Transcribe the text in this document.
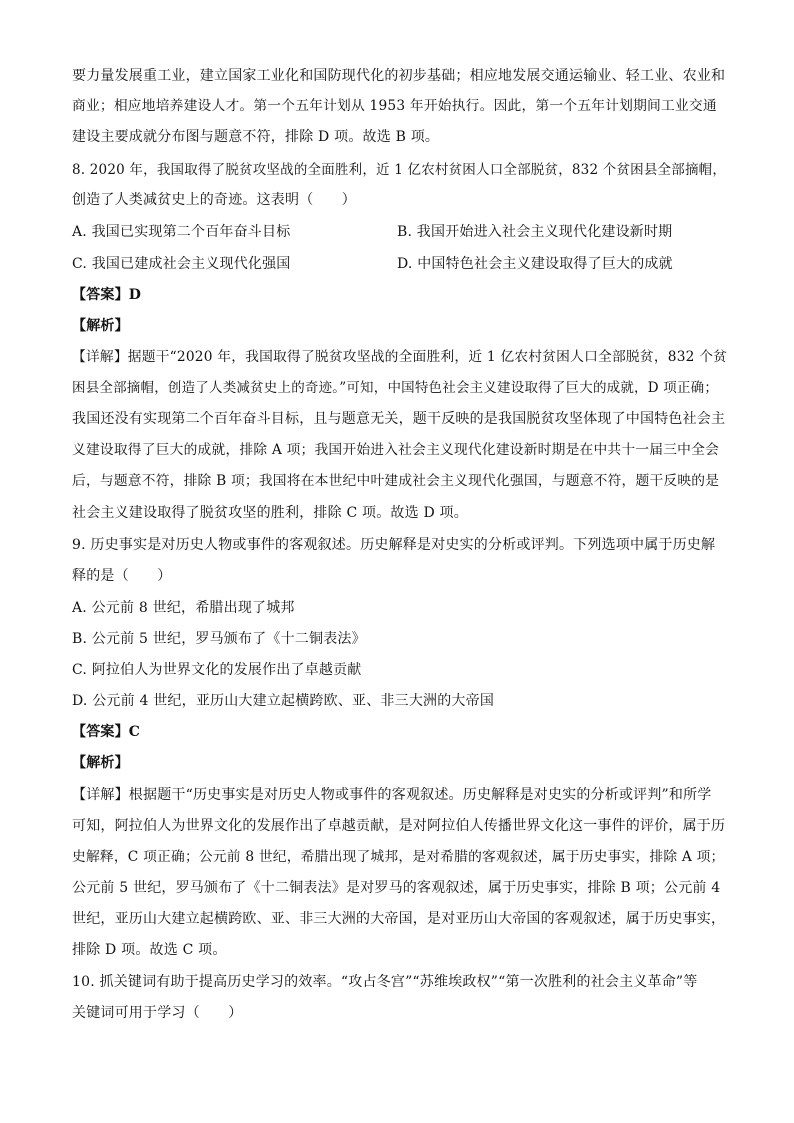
要力量发展重工业，建立国家工业化和国防现代化的初步基础；相应地发展交通运输业、轻工业、农业和
商业；相应地培养建设人才。第一个五年计划从 1953 年开始执行。因此，第一个五年计划期间工业交通
建设主要成就分布图与题意不符，排除 D 项。故选 B 项。
8. 2020 年，我国取得了脱贫攻坚战的全面胜利，近 1 亿农村贫困人口全部脱贫，832 个贫困县全部摘帽，
创造了人类减贫史上的奇迹。这表明（　　）
A. 我国已实现第二个百年奋斗目标	B. 我国开始进入社会主义现代化建设新时期
C. 我国已建成社会主义现代化强国	D. 中国特色社会主义建设取得了巨大的成就
【答案】D
【解析】
【详解】据题干“2020 年，我国取得了脱贫攻坚战的全面胜利，近 1 亿农村贫困人口全部脱贫，832 个贫
困县全部摘帽，创造了人类减贫史上的奇迹。”可知，中国特色社会主义建设取得了巨大的成就，D 项正确；
我国还没有实现第二个百年奋斗目标，且与题意无关，题干反映的是我国脱贫攻坚体现了中国特色社会主
义建设取得了巨大的成就，排除 A 项；我国开始进入社会主义现代化建设新时期是在中共十一届三中全会
后，与题意不符，排除 B 项；我国将在本世纪中叶建成社会主义现代化强国，与题意不符，题干反映的是
社会主义建设取得了脱贫攻坚的胜利，排除 C 项。故选 D 项。
9. 历史事实是对历史人物或事件的客观叙述。历史解释是对史实的分析或评判。下列选项中属于历史解
释的是（　　）
A. 公元前 8 世纪，希腊出现了城邦
B. 公元前 5 世纪，罗马颁布了《十二铜表法》
C. 阿拉伯人为世界文化的发展作出了卓越贡献
D. 公元前 4 世纪，亚历山大建立起横跨欧、亚、非三大洲的大帝国
【答案】C
【解析】
【详解】根据题干“历史事实是对历史人物或事件的客观叙述。历史解释是对史实的分析或评判”和所学
可知，阿拉伯人为世界文化的发展作出了卓越贡献，是对阿拉伯人传播世界文化这一事件的评价，属于历
史解释，C 项正确；公元前 8 世纪，希腊出现了城邦，是对希腊的客观叙述，属于历史事实，排除 A 项；
公元前 5 世纪，罗马颁布了《十二铜表法》是对罗马的客观叙述，属于历史事实，排除 B 项；公元前 4
世纪，亚历山大建立起横跨欧、亚、非三大洲的大帝国，是对亚历山大帝国的客观叙述，属于历史事实，
排除 D 项。故选 C 项。
10. 抓关键词有助于提高历史学习的效率。“攻占冬宫”“苏维埃政权”“第一次胜利的社会主义革命”等
关键词可用于学习（　　）
